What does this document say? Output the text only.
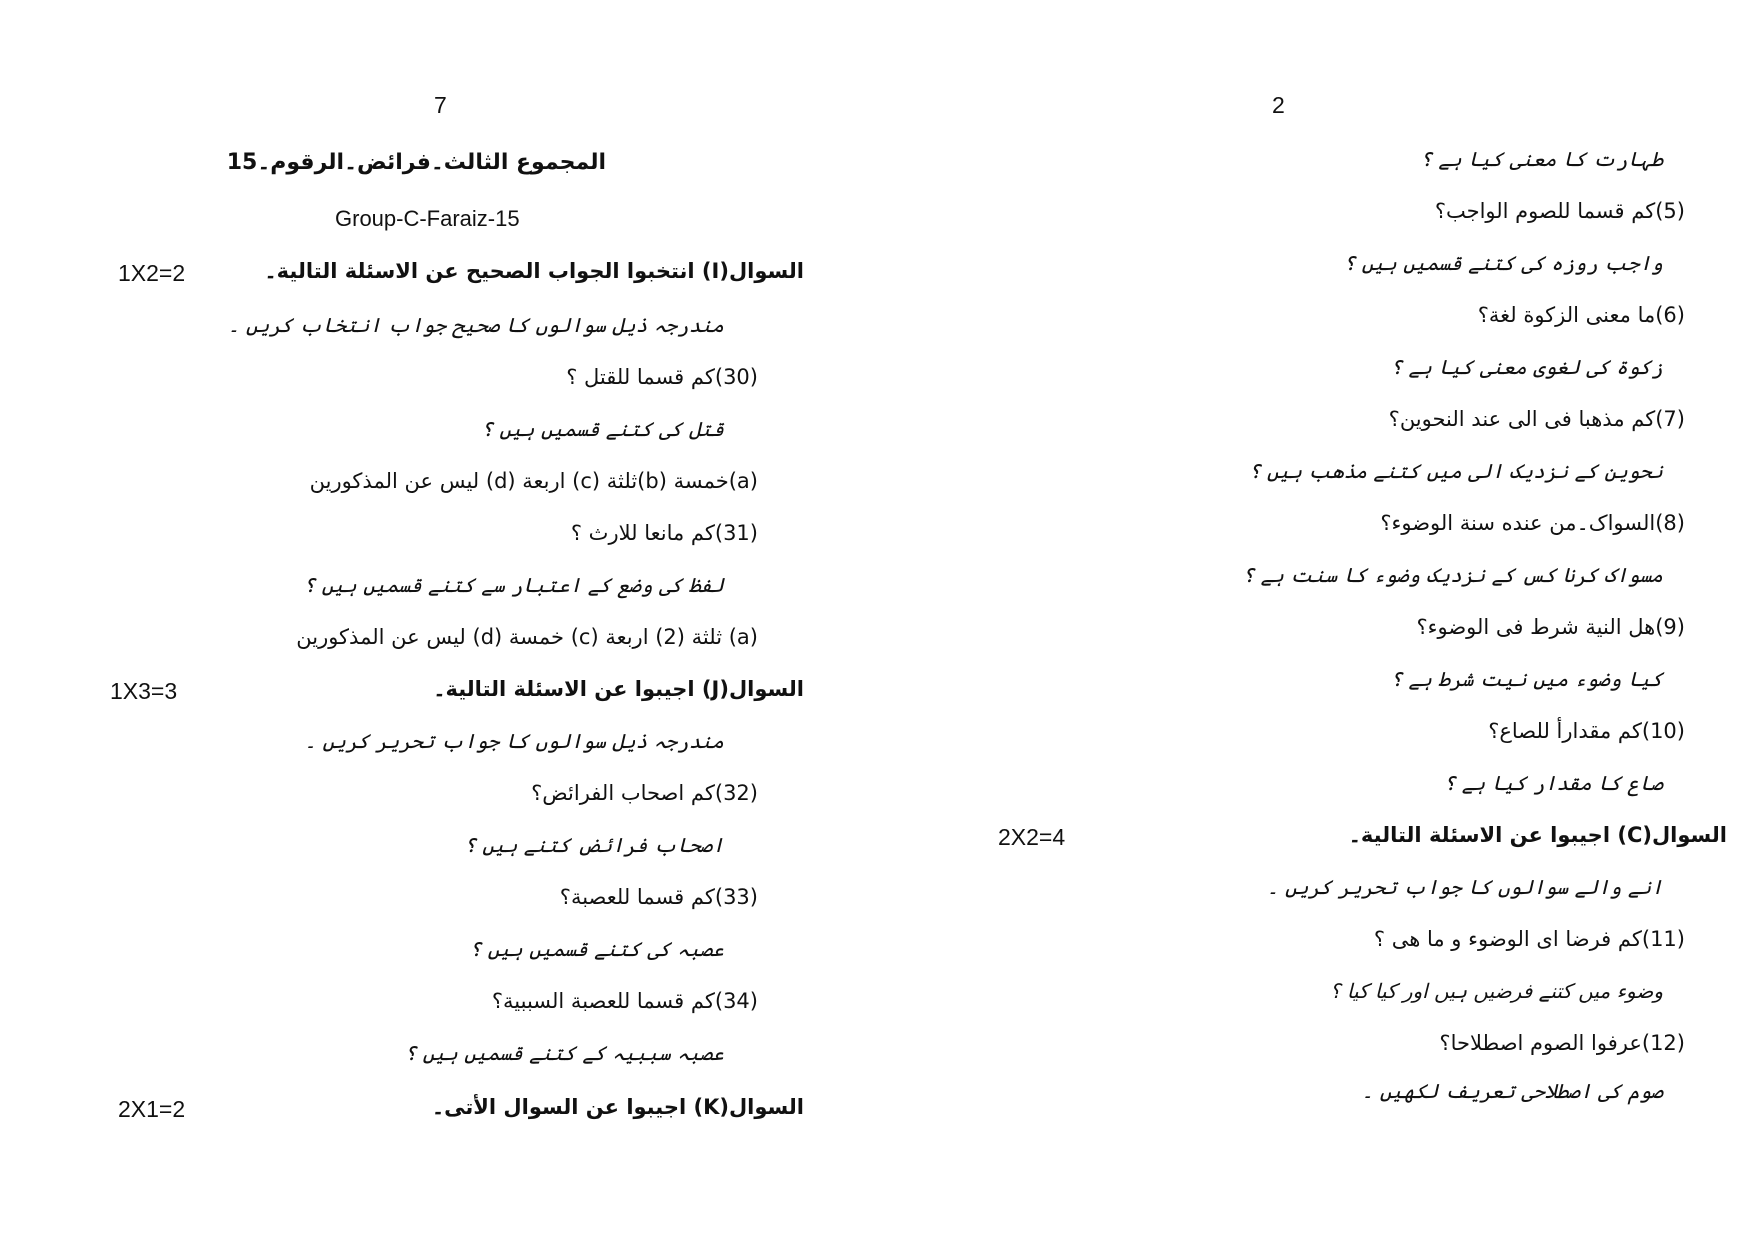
7
المجموع الثالث۔فرائض۔الرقوم۔15
Group-C-Faraiz-15
1X2=2	السوال(I) انتخبوا الجواب الصحیح عن الاسئلة التالیة۔
مندرجہ ذیل سوالوں کا صحیح جواب انتخاب کریں ۔
(30)کم قسما للقتل ؟
قتل کی کتنے قسمیں ہیں ؟
(a)خمسة (b)ثلثة (c) اربعة (d) لیس عن المذکورین
(31)کم مانعا للارث ؟
لفظ کی وضع کے اعتبار سے کتنے قسمیں ہیں ؟
(a) ثلثة (2) اربعة (c) خمسة (d) لیس عن المذکورین
1X3=3	السوال(J) اجیبوا عن الاسئلة التالیة۔
مندرجہ ذیل سوالوں کا جواب تحریر کریں ۔
(32)کم اصحاب الفرائض؟
اصحاب فرائض کتنے ہیں ؟
(33)کم قسما للعصبة؟
عصبہ کی کتنے قسمیں ہیں ؟
(34)کم قسما للعصبة السببیة؟
عصبہ سببیہ کے کتنے قسمیں ہیں ؟
2X1=2	السوال(K) اجیبوا عن السوال الأتی۔
2
طہارت کا معنی کیا ہے ؟
(5)کم قسما للصوم الواجب؟
واجب روزہ کی کتنے قسمیں ہیں ؟
(6)ما معنی الزکوة لغة؟
زکوۃ کی لغوی معنی کیا ہے ؟
(7)کم مذھبا فی الی عند النحوین؟
نحوین کے نزدیک الی میں کتنے مذھب ہیں ؟
(8)السواک۔من عنده سنة الوضوء؟
مسواک کرنا کس کے نزدیک وضوء کا سنت ہے ؟
(9)هل النیة شرط فی الوضوء؟
کیا وضوء میں نیت شرط ہے ؟
(10)کم مقدارأ للصاع؟
صاع کا مقدار کیا ہے ؟
2X2=4	السوال(C) اجیبوا عن الاسئلة التالیة۔
انے والے سوالوں کا جواب تحریر کریں ۔
(11)کم فرضا ای الوضوء و ما هی ؟
وضوء میں کتنے فرضیں ہیں اور کیا کیا ؟
(12)عرفوا الصوم اصطلاحا؟
صوم کی اصطلاحی تعریف لکھیں ۔
